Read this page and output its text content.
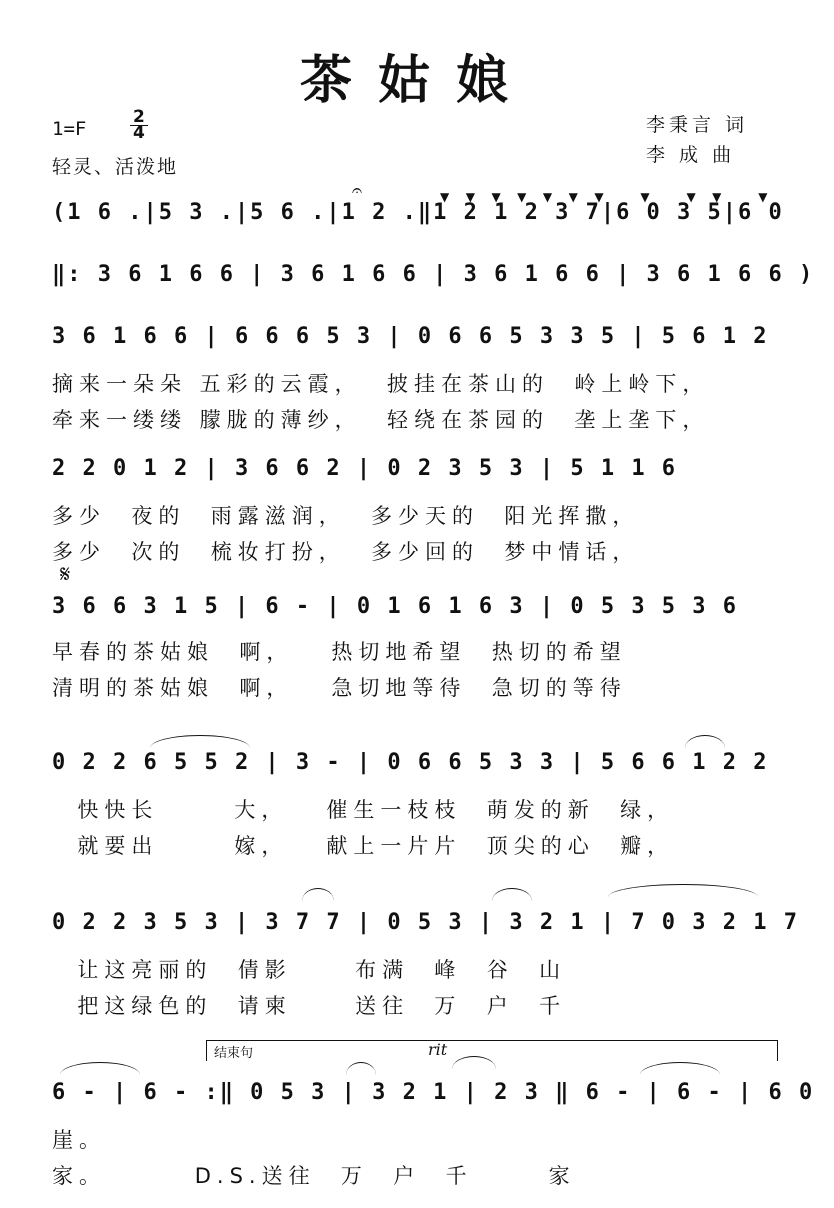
茶姑娘
1=F	$\frac{2}{4}$
轻灵、活泼地
李秉言 词
李 成 曲
▼▼▼▼▼▼▼ ▼ ▼▼ ▼
𝄐
(1 6 .|5 3 .|5 6 .|1 2 .‖1 2 1 2 3 7|6 0 3 5|6 0
‖: 3 6 1 6 6 | 3 6 1 6 6 | 3 6 1 6 6 | 3 6 1 6 6 )
3 6 1 6 6 | 6 6 6 5 3 | 0 6 6 5 3 3 5 | 5 6 1 2
摘来一朵朵 五彩的云霞，  披挂在茶山的  岭上岭下，
牵来一缕缕 朦胧的薄纱，  轻绕在茶园的  垄上垄下，
2 2 0 1 2 | 3 6 6 2 | 0 2 3 5 3 | 5 1 1 6
多少  夜的  雨露滋润，  多少天的  阳光挥撒，
多少  次的  梳妆打扮，  多少回的  梦中情话，
𝄋
3 6 6 3 1 5 | 6 - | 0 1 6 1 6 3 | 0 5 3 5 3 6
早春的茶姑娘  啊，   热切地希望  热切的希望
清明的茶姑娘  啊，   急切地等待  急切的等待
0 2 2 6 5 5 2 | 3 - | 0 6 6 5 3 3 | 5 6 6 1 2 2
快快长      大，   催生一枝枝  萌发的新  绿，
就要出      嫁，   献上一片片  顶尖的心  瓣，
0 2 2 3 5 3 | 3 7 7 | 0 5 3 | 3 2 1 | 7 0 3 2 1 7
让这亮丽的  倩影     布满  峰  谷  山
把这绿色的  请柬     送往  万  户  千
结束句	rit
6 - | 6 - :‖ 0 5 3 | 3 2 1 | 2 3 ‖ 6 - | 6 - | 6 0
崖。
家。       D.S.送往  万  户  千      家
